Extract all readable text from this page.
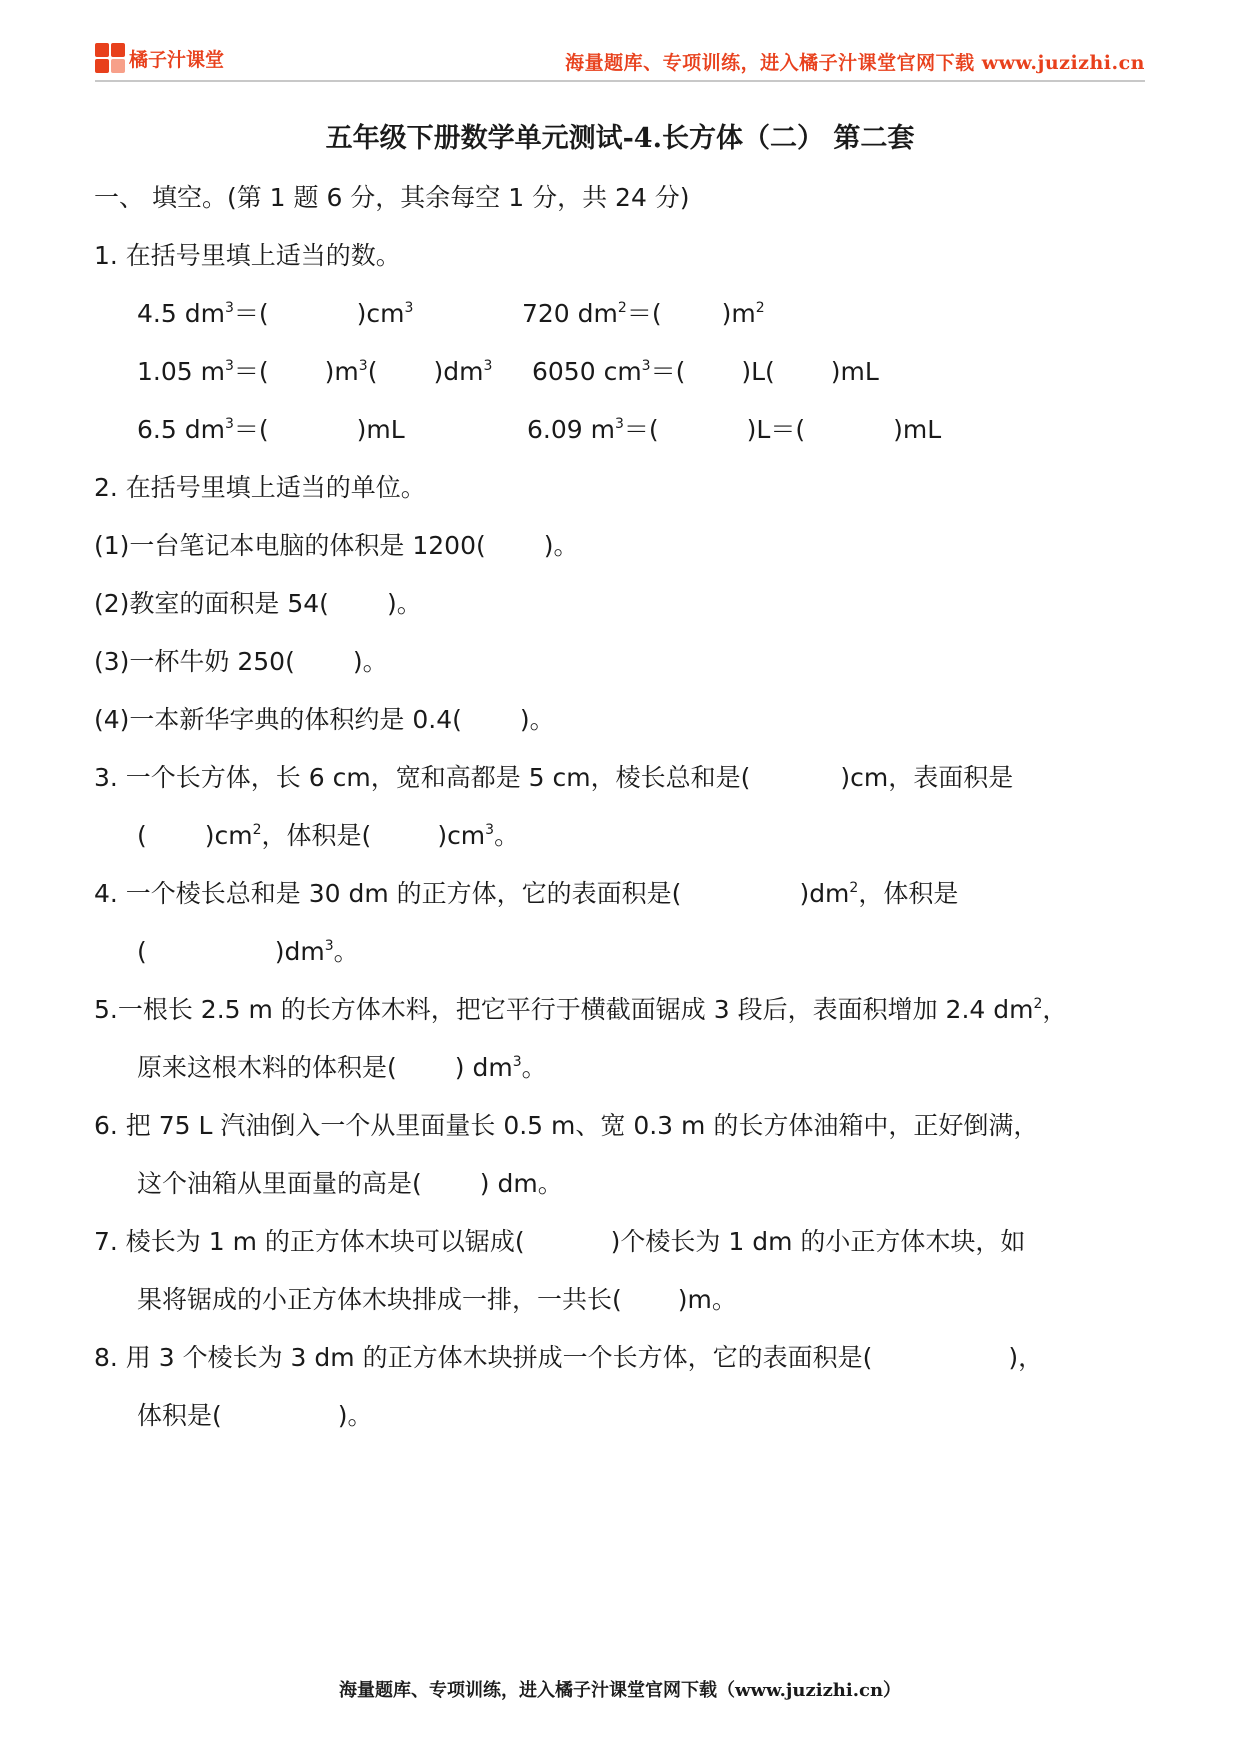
橘子汁课堂	海量题库、专项训练，进入橘子汁课堂官网下载 www.juzizhi.cn
五年级下册数学单元测试-4.长方体（二） 第二套
一、 填空。(第 1 题 6 分，其余每空 1 分，共 24 分)
1. 在括号里填上适当的数。
4.5 $dm^3=$(	)$cm^3$	720 $dm^2=$( )$m^2$
1.05 $m^3=$( )$m^3$( )$dm^3$ 6050 $cm^3=$( )L( )mL
6.5 $dm^3=$(	)mL	6.09 $m^3=$(	)L＝(	)mL
2. 在括号里填上适当的单位。
(1)一台笔记本电脑的体积是 1200( )。
(2)教室的面积是 54( )。
(3)一杯牛奶 250( )。
(4)一本新华字典的体积约是 0.4( )。
3. 一个长方体，长 6 cm，宽和高都是 5 cm，棱长总和是(	)cm，表面积是
( )$cm^2$，体积是(	)$cm^3$。
4. 一个棱长总和是 30 dm 的正方体，它的表面积是(	)$dm^2$，体积是
(	)$dm^3$。
5.一根长 2.5 m 的长方体木料，把它平行于横截面锯成 3 段后，表面积增加 2.4 $dm^2$，
原来这根木料的体积是( ) $dm^3$。
6. 把 75 L 汽油倒入一个从里面量长 0.5 m、宽 0.3 m 的长方体油箱中，正好倒满，
这个油箱从里面量的高是( ) dm。
7. 棱长为 1 m 的正方体木块可以锯成(	)个棱长为 1 dm 的小正方体木块，如
果将锯成的小正方体木块排成一排，一共长( )m。
8. 用 3 个棱长为 3 dm 的正方体木块拼成一个长方体，它的表面积是(	)，
体积是(	)。
海量题库、专项训练，进入橘子汁课堂官网下载（www.juzizhi.cn）
